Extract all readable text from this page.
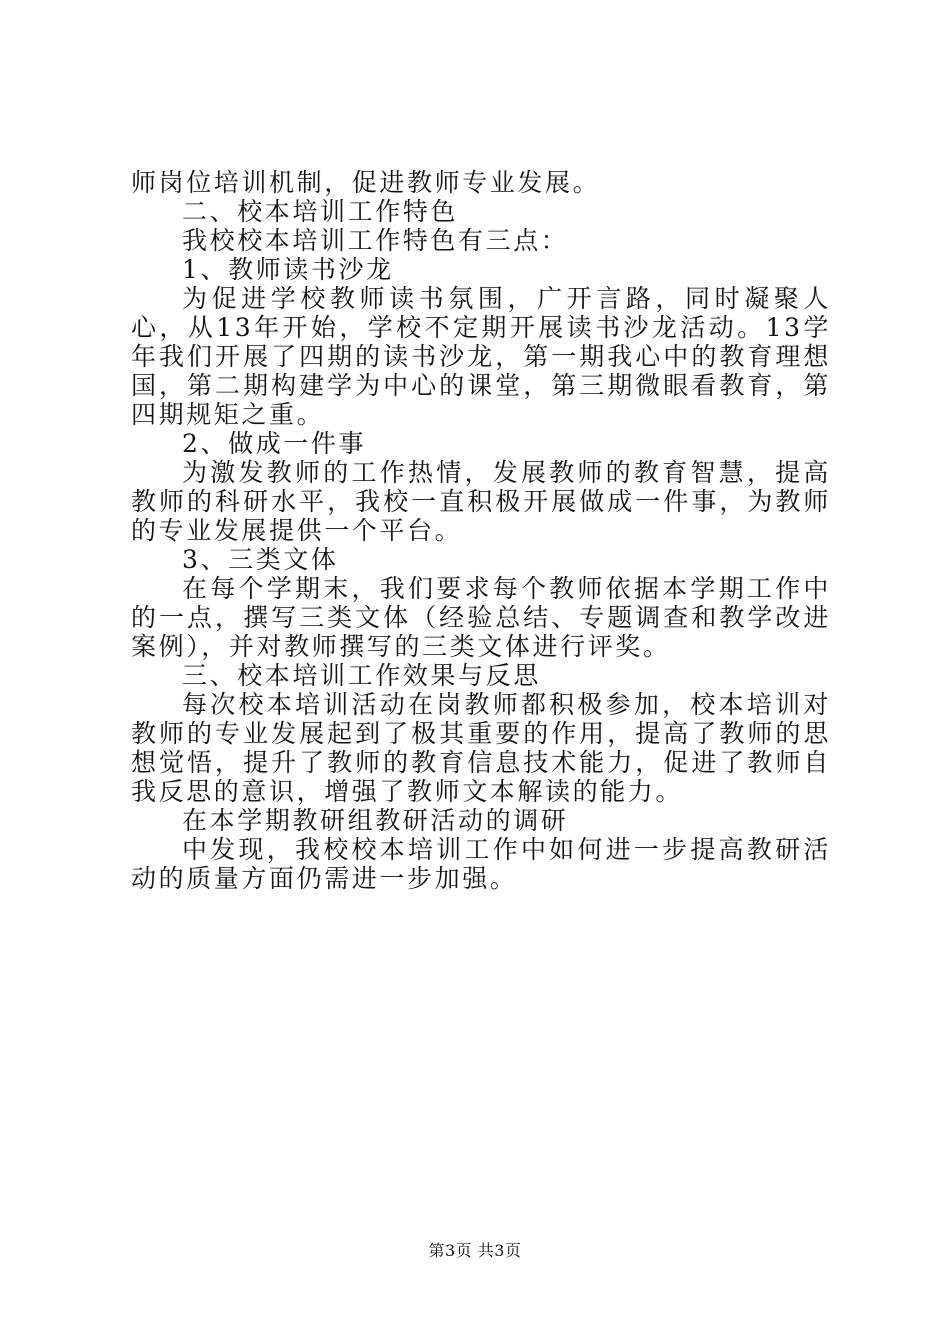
师岗位培训机制，促进教师专业发展。

二、校本培训工作特色

我校校本培训工作特色有三点：

1、教师读书沙龙

为促进学校教师读书氛围，广开言路，同时凝聚人心，从13年开始，学校不定期开展读书沙龙活动。13学年我们开展了四期的读书沙龙，第一期我心中的教育理想国，第二期构建学为中心的课堂，第三期微眼看教育，第四期规矩之重。

2、做成一件事

为激发教师的工作热情，发展教师的教育智慧，提高教师的科研水平，我校一直积极开展做成一件事，为教师的专业发展提供一个平台。

3、三类文体

在每个学期末，我们要求每个教师依据本学期工作中的一点，撰写三类文体（经验总结、专题调查和教学改进案例），并对教师撰写的三类文体进行评奖。

三、校本培训工作效果与反思

每次校本培训活动在岗教师都积极参加，校本培训对教师的专业发展起到了极其重要的作用，提高了教师的思想觉悟，提升了教师的教育信息技术能力，促进了教师自我反思的意识，增强了教师文本解读的能力。

在本学期教研组教研活动的调研

中发现，我校校本培训工作中如何进一步提高教研活动的质量方面仍需进一步加强。

第3页 共3页
